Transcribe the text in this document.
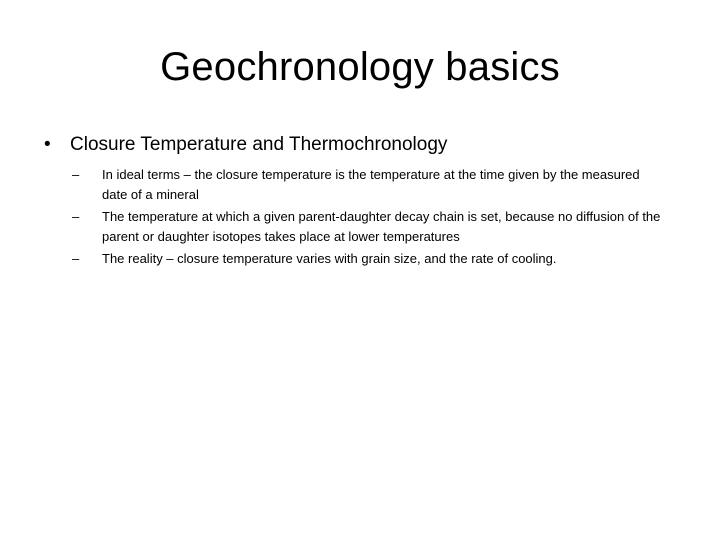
Geochronology basics
• Closure Temperature and Thermochronology
– In ideal terms – the closure temperature is the temperature at the time given by the measured date of a mineral
– The temperature at which a given parent-daughter decay chain is set, because no diffusion of the parent or daughter isotopes takes place at lower temperatures
– The reality – closure temperature varies with grain size, and the rate of cooling.
